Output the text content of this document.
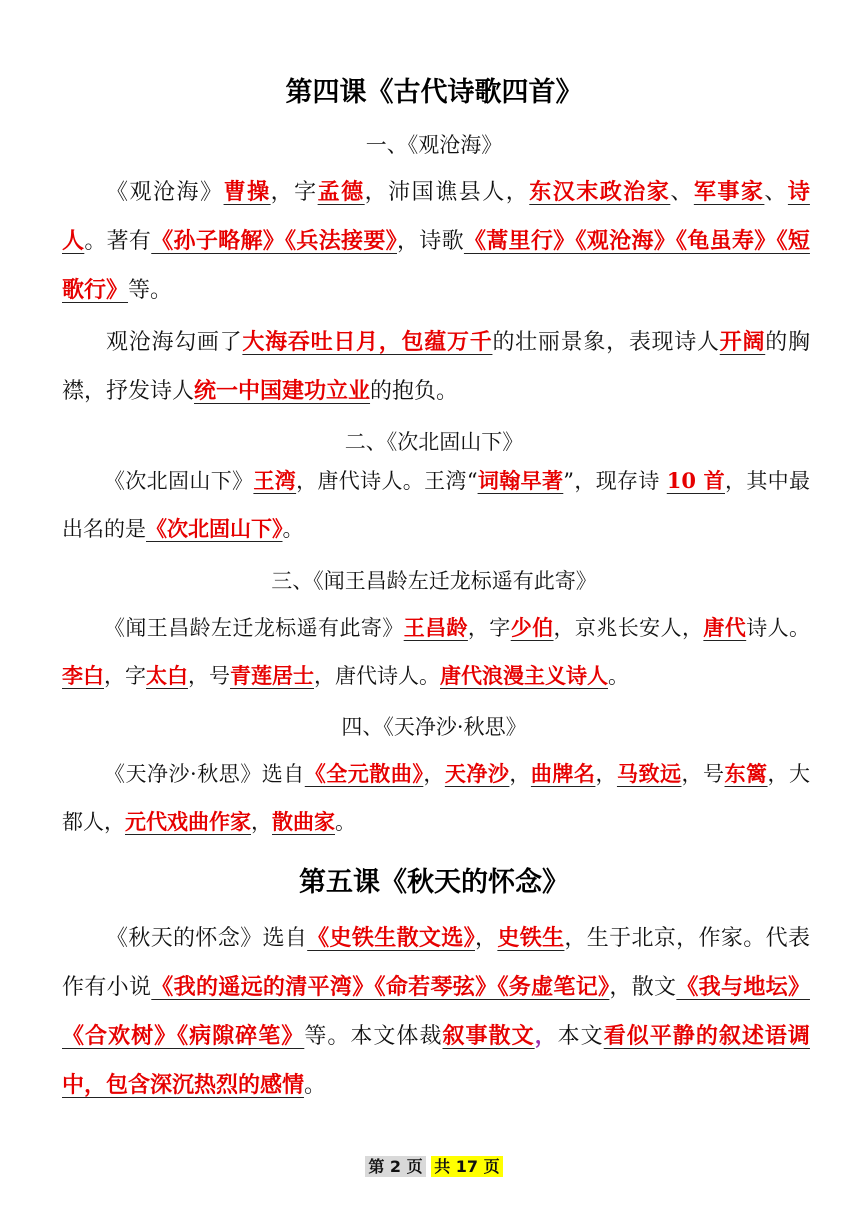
第四课《古代诗歌四首》
一、《观沧海》
《观沧海》曹操，字孟德，沛国谯县人，东汉末政治家、军事家、诗人。著有《孙子略解》《兵法接要》，诗歌《蒿里行》《观沧海》《龟虽寿》《短歌行》等。
观沧海勾画了大海吞吐日月，包蕴万千的壮丽景象，表现诗人开阔的胸襟，抒发诗人统一中国建功立业的抱负。
二、《次北固山下》
《次北固山下》王湾，唐代诗人。王湾“词翰早著”，现存诗 10 首，其中最出名的是《次北固山下》。
三、《闻王昌龄左迁龙标遥有此寄》
《闻王昌龄左迁龙标遥有此寄》王昌龄，字少伯，京兆长安人，唐代诗人。李白，字太白，号青莲居士，唐代诗人。唐代浪漫主义诗人。
四、《天净沙·秋思》
《天净沙·秋思》选自《全元散曲》，天净沙，曲牌名，马致远，号东篱，大都人，元代戏曲作家，散曲家。
第五课《秋天的怀念》
《秋天的怀念》选自《史铁生散文选》，史铁生，生于北京，作家。代表作有小说《我的遥远的清平湾》《命若琴弦》《务虚笔记》，散文《我与地坛》《合欢树》《病隙碎笔》等。本文体裁叙事散文，本文看似平静的叙述语调中，包含深沉热烈的感情。
第 2 页 共 17 页
